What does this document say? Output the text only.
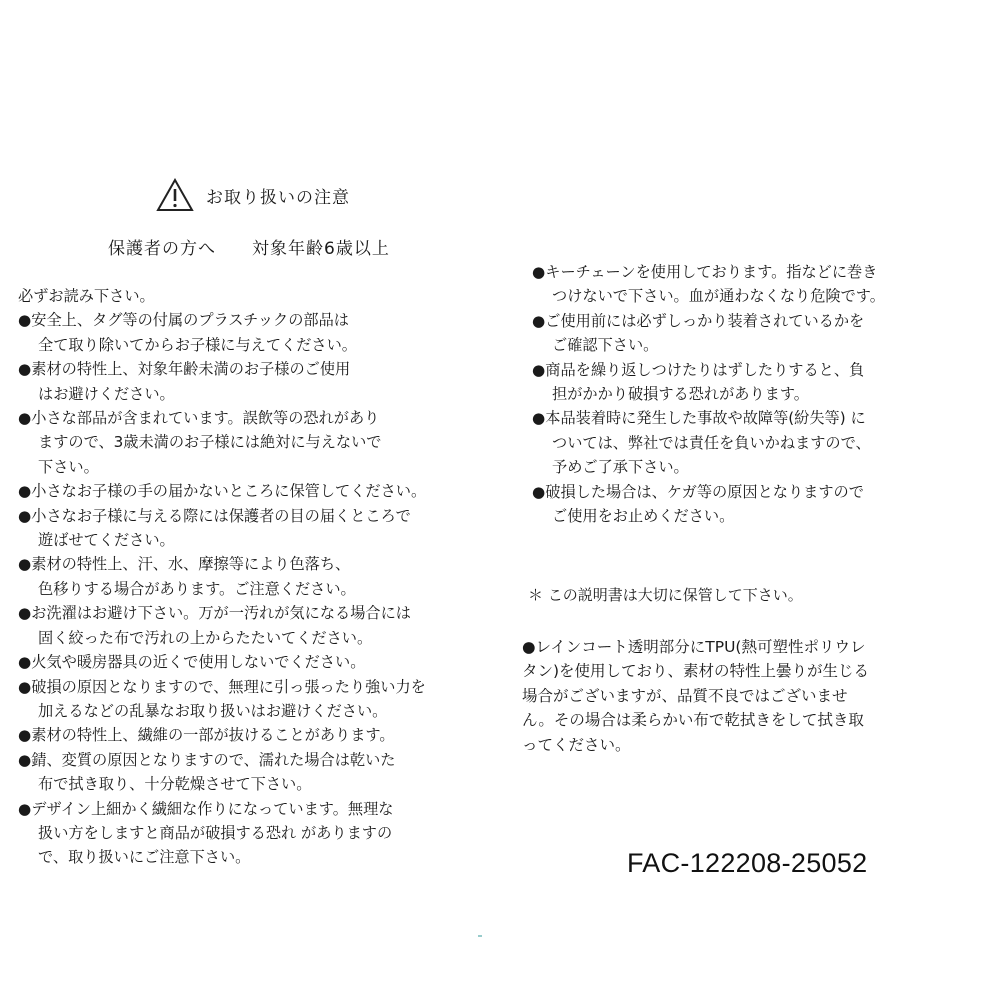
お取り扱いの注意
保護者の方へ　　対象年齢6歳以上
必ずお読み下さい。
●安全上、タグ等の付属のプラスチックの部品は
全て取り除いてからお子様に与えてください。
●素材の特性上、対象年齢未満のお子様のご使用
はお避けください。
●小さな部品が含まれています。誤飲等の恐れがあり
ますので、3歳未満のお子様には絶対に与えないで
下さい。
●小さなお子様の手の届かないところに保管してください。
●小さなお子様に与える際には保護者の目の届くところで
遊ばせてください。
●素材の特性上、汗、水、摩擦等により色落ち、
色移りする場合があります。ご注意ください。
●お洗濯はお避け下さい。万が一汚れが気になる場合には
固く絞った布で汚れの上からたたいてください。
●火気や暖房器具の近くで使用しないでください。
●破損の原因となりますので、無理に引っ張ったり強い力を
加えるなどの乱暴なお取り扱いはお避けください。
●素材の特性上、繊維の一部が抜けることがあります。
●錆、変質の原因となりますので、濡れた場合は乾いた
布で拭き取り、十分乾燥させて下さい。
●デザイン上細かく繊細な作りになっています。無理な
扱い方をしますと商品が破損する恐れ がありますの
で、取り扱いにご注意下さい。
●キーチェーンを使用しております。指などに巻き
つけないで下さい。血が通わなくなり危険です。
●ご使用前には必ずしっかり装着されているかを
ご確認下さい。
●商品を繰り返しつけたりはずしたりすると、負
担がかかり破損する恐れがあります。
●本品装着時に発生した事故や故障等(紛失等) に
ついては、弊社では責任を負いかねますので、
予めご了承下さい。
●破損した場合は、ケガ等の原因となりますので
ご使用をお止めください。
＊ この説明書は大切に保管して下さい。
●レインコート透明部分にTPU(熱可塑性ポリウレ
タン)を使用しており、素材の特性上曇りが生じる
場合がございますが、品質不良ではございませ
ん。その場合は柔らかい布で乾拭きをして拭き取
ってください。
FAC-122208-25052
